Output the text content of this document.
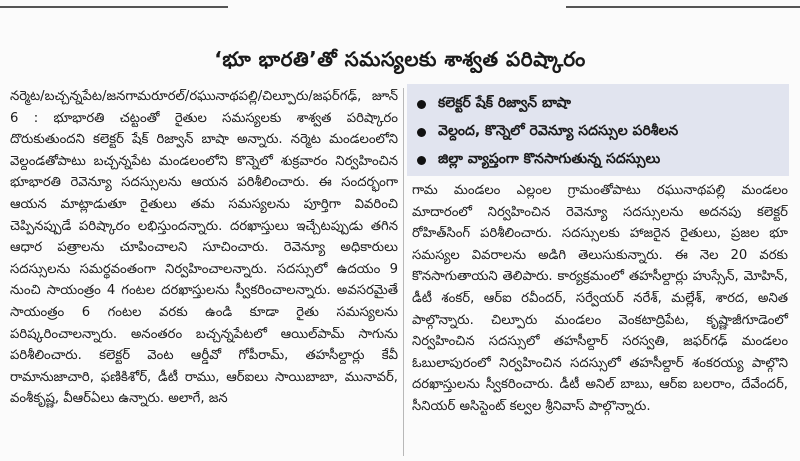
‘భూ భారతి’తో సమస్యలకు శాశ్వత పరిష్కారం

నర్మెట/బచ్చన్నపేట/జనగామరూరల్/రఘునాథపల్లి/చిల్పూరు/జఫర్‌గఢ్, జూన్ 6 : భూభారతి చట్టంతో రైతుల సమస్యలకు శాశ్వత పరిష్కారం దొరుకుతుందని కలెక్టర్ షేక్ రిజ్వాన్ బాషా అన్నారు. నర్మెట మండలంలోని వెల్దండతోపాటు బచ్చన్నపేట మండలంలోని కొన్నెలో శుక్రవారం నిర్వహించిన భూభారతి రెవెన్యూ సదస్సులను ఆయన పరిశీలించారు. ఈ సందర్భంగా ఆయన మాట్లాడుతూ రైతులు తమ సమస్యలను పూర్తిగా వివరించి చెప్పినప్పుడే పరిష్కారం లభిస్తుందన్నారు. దరఖాస్తులు ఇచ్చేటప్పుడు తగిన ఆధార పత్రాలను చూపించాలని సూచించారు. రెవెన్యూ అధికారులు సదస్సులను సమర్థవంతంగా నిర్వహించాలన్నారు. సదస్సులో ఉదయం 9 నుంచి సాయంత్రం 4 గంటల దరఖాస్తులను స్వీకరించాలన్నారు. అవసరమైతే సాయంత్రం 6 గంటల వరకు ఉండి కూడా రైతు సమస్యలను పరిష్కరించాలన్నారు. అనంతరం బచ్చన్నపేటలో ఆయిల్‌పామ్ సాగును పరిశీలించారు. కలెక్టర్ వెంట ఆర్డీవో గోపీరామ్, తహసీల్దార్లు కేవీ రామానుజాచారి, ఫణికిశోర్, డీటీ రాము, ఆర్‌ఐలు సాయిబాబా, మునావర్, వంశీకృష్ణ, వీఆర్‌ఏలు ఉన్నారు. అలాగే, జన

కలెక్టర్ షేక్ రిజ్వాన్ బాషా
వెల్దంద, కొన్నెలో రెవెన్యూ సదస్సుల పరిశీలన
జిల్లా వ్యాప్తంగా కొనసాగుతున్న సదస్సులు

గామ మండలం ఎల్లంల గ్రామంతోపాటు రఘునాథపల్లి మండలం మాదారంలో నిర్వహించిన రెవెన్యూ సదస్సులను అదనపు కలెక్టర్ రోహిత్‌సింగ్ పరిశీలించారు. సదస్సులకు హాజరైన రైతులు, ప్రజల భూ సమస్యల వివరాలను అడిగి తెలుసుకున్నారు. ఈ నెల 20 వరకు కొనసాగుతాయని తెలిపారు. కార్యక్రమంలో తహసీల్దార్లు హుస్సేన్, మోహిన్, డీటీ శంకర్, ఆర్‌ఐ రవీందర్, సర్వేయర్ నరేశ్, మల్లేశ్, శారద, అనిత పాల్గొన్నారు. చిల్పూరు మండలం వెంకటాద్రిపేట, కృష్ణాజీగూడెంలో నిర్వహించిన సదస్సులో తహసీల్దార్ సరస్వతి, జఫర్‌గఢ్ మండలం ఓబులాపురంలో నిర్వహించిన సదస్సులో తహసీల్దార్ శంకరయ్య పాల్గొని దరఖాస్తులను స్వీకరించారు. డీటీ అనిల్ బాబు, ఆర్‌ఐ బలరాం, దేవేందర్, సీనియర్ అసిస్టెంట్ కల్వల శ్రీనివాస్ పాల్గొన్నారు.
